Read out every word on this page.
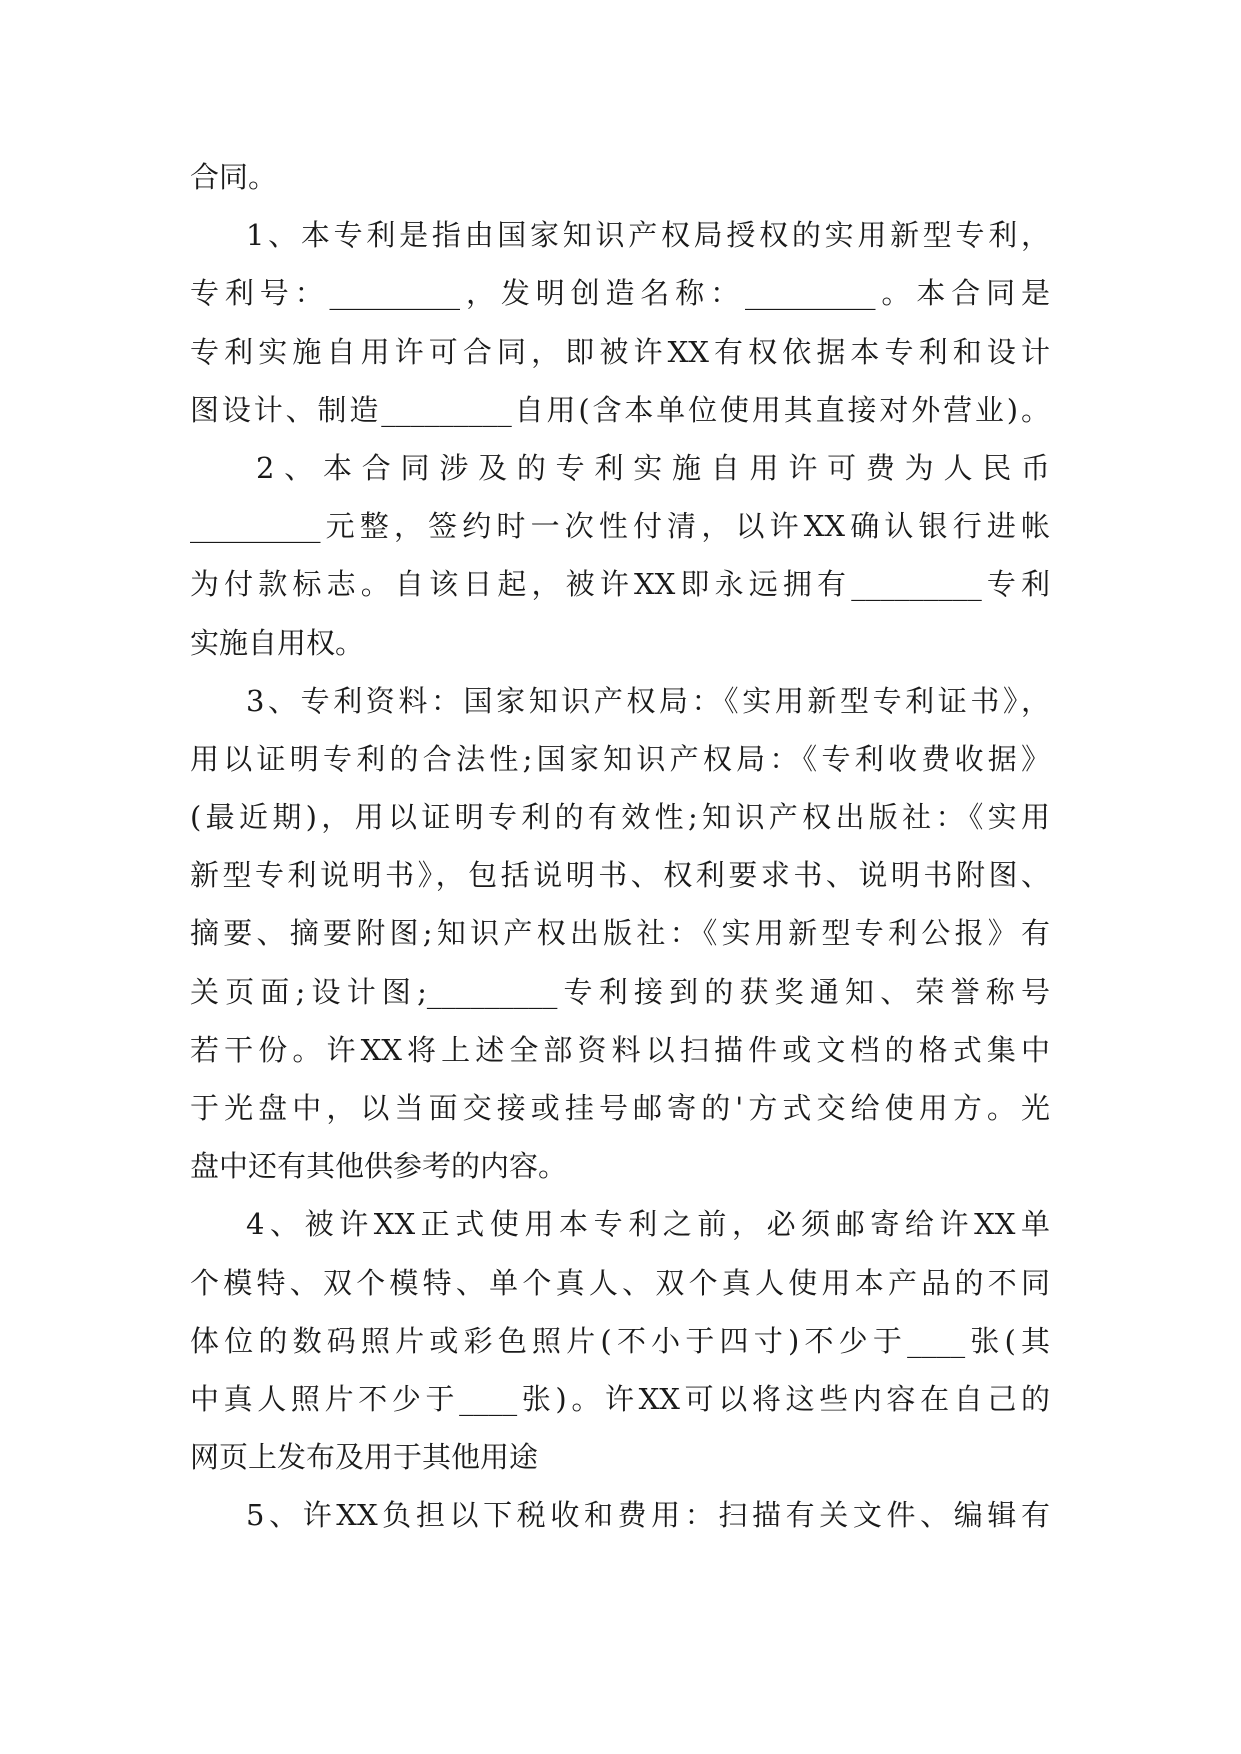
合同。
1、本专利是指由国家知识产权局授权的实用新型专利，
专利号：_________，发明创造名称：_________。本合同是
专利实施自用许可合同，即被许XX有权依据本专利和设计
图设计、制造_________自用(含本单位使用其直接对外营业)。
2、本合同涉及的专利实施自用许可费为人民币
_________元整，签约时一次性付清，以许XX确认银行进帐
为付款标志。自该日起，被许XX即永远拥有_________专利
实施自用权。
3、专利资料：国家知识产权局：《实用新型专利证书》，
用以证明专利的合法性;国家知识产权局：《专利收费收据》
(最近期)，用以证明专利的有效性;知识产权出版社：《实用
新型专利说明书》，包括说明书、权利要求书、说明书附图、
摘要、摘要附图;知识产权出版社：《实用新型专利公报》有
关页面;设计图;_________专利接到的获奖通知、荣誉称号
若干份。许XX将上述全部资料以扫描件或文档的格式集中
于光盘中，以当面交接或挂号邮寄的'方式交给使用方。光
盘中还有其他供参考的内容。
4、被许XX正式使用本专利之前，必须邮寄给许XX单
个模特、双个模特、单个真人、双个真人使用本产品的不同
体位的数码照片或彩色照片(不小于四寸)不少于____张(其
中真人照片不少于____张)。许XX可以将这些内容在自己的
网页上发布及用于其他用途
5、许XX负担以下税收和费用：扫描有关文件、编辑有
